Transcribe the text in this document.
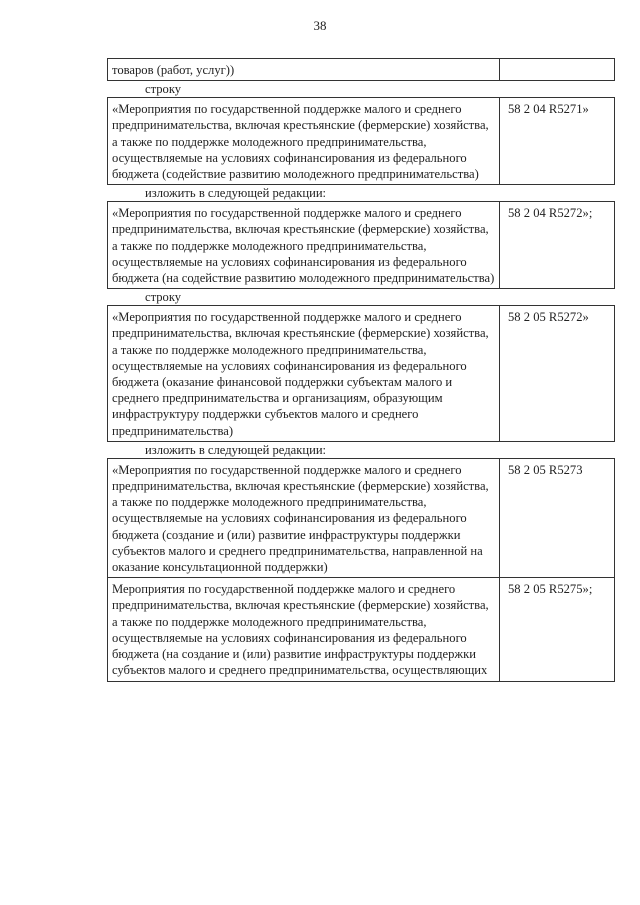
38
товаров (работ, услуг))
строку
«Мероприятия по государственной поддержке малого и среднего предпринимательства, включая крестьянские (фермерские) хозяйства, а также по поддержке молодежного предпринимательства, осуществляемые на условиях софинансирования из федерального бюджета (содействие развитию молодежного предпринимательства)
58 2 04 R5271»
изложить в следующей редакции:
«Мероприятия по государственной поддержке малого и среднего предпринимательства, включая крестьянские (фермерские) хозяйства, а также по поддержке молодежного предпринимательства, осуществляемые на условиях софинансирования из федерального бюджета (на содействие развитию молодежного предпринимательства)
58 2 04 R5272»;
строку
«Мероприятия по государственной поддержке малого и среднего предпринимательства, включая крестьянские (фермерские) хозяйства, а также по поддержке молодежного предпринимательства, осуществляемые на условиях софинансирования из федерального бюджета (оказание финансовой поддержки субъектам малого и среднего предпринимательства и организациям, образующим инфраструктуру поддержки субъектов малого и среднего предпринимательства)
58 2 05 R5272»
изложить в следующей редакции:
«Мероприятия по государственной поддержке малого и среднего предпринимательства, включая крестьянские (фермерские) хозяйства, а также по поддержке молодежного предпринимательства, осуществляемые на условиях софинансирования из федерального бюджета (создание и (или) развитие инфраструктуры поддержки субъектов малого и среднего предпринимательства, направленной на оказание консультационной поддержки)
58 2 05 R5273
Мероприятия по государственной поддержке малого и среднего предпринимательства, включая крестьянские (фермерские) хозяйства, а также по поддержке молодежного предпринимательства, осуществляемые на условиях софинансирования из федерального бюджета (на создание и (или) развитие инфраструктуры поддержки субъектов малого и среднего предпринимательства, осуществляющих
58 2 05 R5275»;
